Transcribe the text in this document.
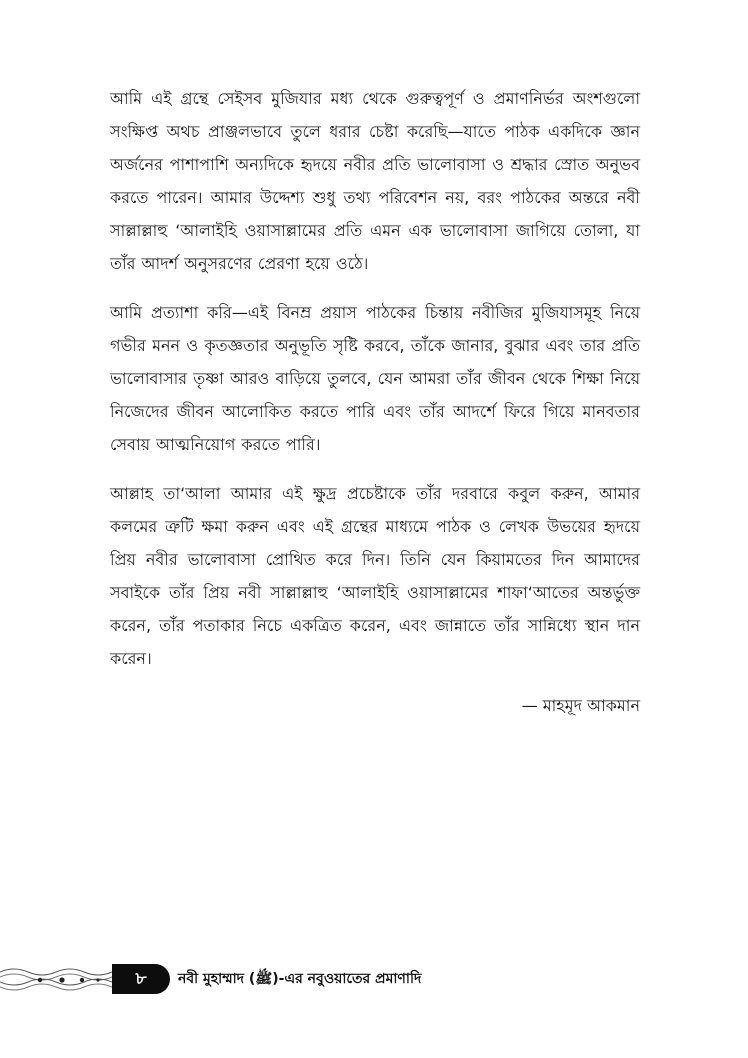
আমি এই গ্রন্থে সেইসব মুজিযার মধ্য থেকে গুরুত্বপূর্ণ ও প্রমাণনির্ভর অংশগুলো সংক্ষিপ্ত অথচ প্রাঞ্জলভাবে তুলে ধরার চেষ্টা করেছি—যাতে পাঠক একদিকে জ্ঞান অর্জনের পাশাপাশি অন্যদিকে হৃদয়ে নবীর প্রতি ভালোবাসা ও শ্রদ্ধার স্রোত অনুভব করতে পারেন। আমার উদ্দেশ্য শুধু তথ্য পরিবেশন নয়, বরং পাঠকের অন্তরে নবী সাল্লাল্লাহু ‘আলাইহি ওয়াসাল্লামের প্রতি এমন এক ভালোবাসা জাগিয়ে তোলা, যা তাঁর আদর্শ অনুসরণের প্রেরণা হয়ে ওঠে।

আমি প্রত্যাশা করি—এই বিনম্র প্রয়াস পাঠকের চিন্তায় নবীজির মুজিযাসমূহ নিয়ে গভীর মনন ও কৃতজ্ঞতার অনুভূতি সৃষ্টি করবে, তাঁকে জানার, বুঝার এবং তার প্রতি ভালোবাসার তৃষ্ণা আরও বাড়িয়ে তুলবে, যেন আমরা তাঁর জীবন থেকে শিক্ষা নিয়ে নিজেদের জীবন আলোকিত করতে পারি এবং তাঁর আদর্শে ফিরে গিয়ে মানবতার সেবায় আত্মনিয়োগ করতে পারি।

আল্লাহ তা‘আলা আমার এই ক্ষুদ্র প্রচেষ্টাকে তাঁর দরবারে কবুল করুন, আমার কলমের ত্রুটি ক্ষমা করুন এবং এই গ্রন্থের মাধ্যমে পাঠক ও লেখক উভয়ের হৃদয়ে প্রিয় নবীর ভালোবাসা প্রোথিত করে দিন। তিনি যেন কিয়ামতের দিন আমাদের সবাইকে তাঁর প্রিয় নবী সাল্লাল্লাহু ‘আলাইহি ওয়াসাল্লামের শাফা‘আতের অন্তর্ভুক্ত করেন, তাঁর পতাকার নিচে একত্রিত করেন, এবং জান্নাতে তাঁর সান্নিধ্যে স্থান দান করেন।

— মাহমূদ আকমান
৮	নবী মুহাম্মাদ (ﷺ)-এর নবুওয়াতের প্রমাণাদি
